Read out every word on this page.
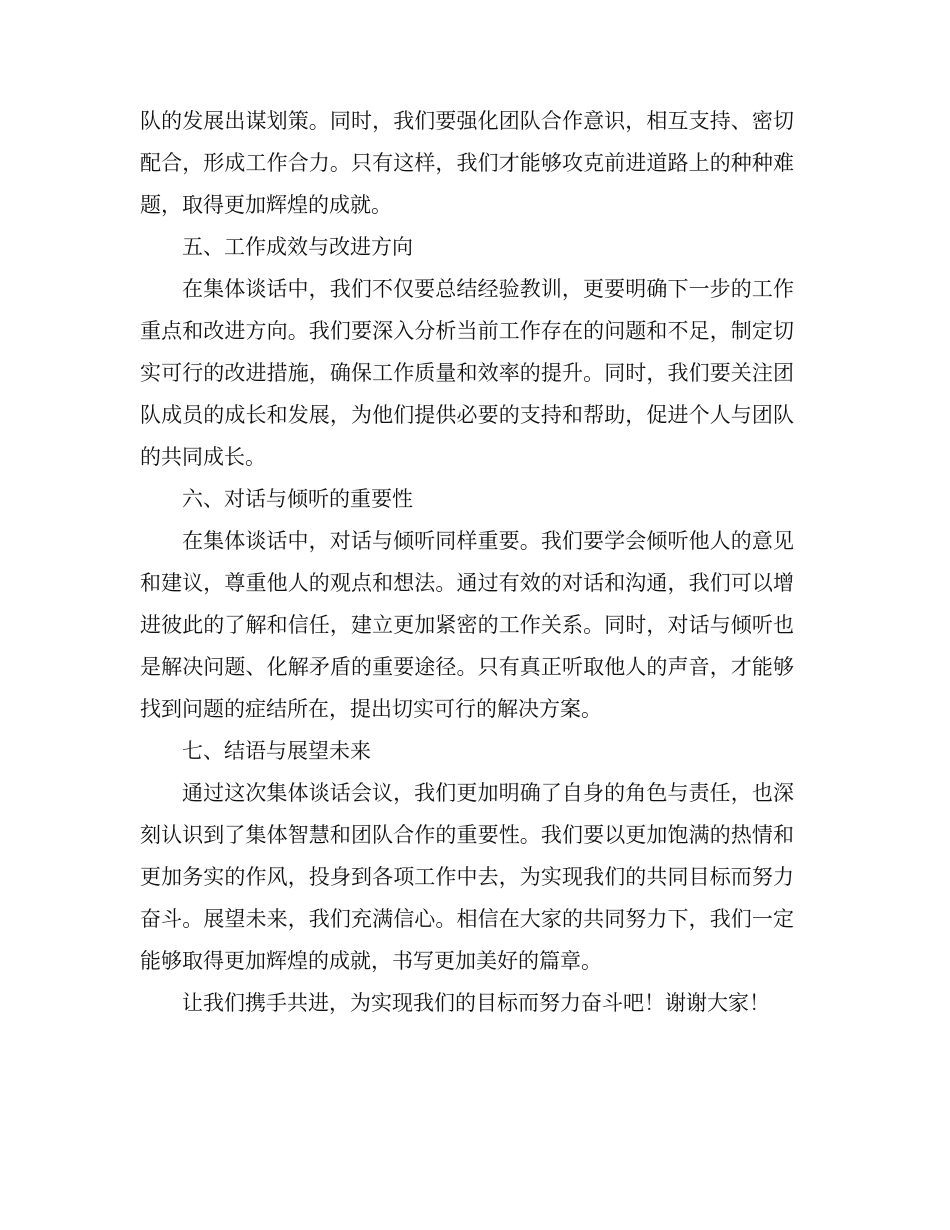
队的发展出谋划策。同时，我们要强化团队合作意识，相互支持、密切配合，形成工作合力。只有这样，我们才能够攻克前进道路上的种种难题，取得更加辉煌的成就。

五、工作成效与改进方向

在集体谈话中，我们不仅要总结经验教训，更要明确下一步的工作重点和改进方向。我们要深入分析当前工作存在的问题和不足，制定切实可行的改进措施，确保工作质量和效率的提升。同时，我们要关注团队成员的成长和发展，为他们提供必要的支持和帮助，促进个人与团队的共同成长。

六、对话与倾听的重要性

在集体谈话中，对话与倾听同样重要。我们要学会倾听他人的意见和建议，尊重他人的观点和想法。通过有效的对话和沟通，我们可以增进彼此的了解和信任，建立更加紧密的工作关系。同时，对话与倾听也是解决问题、化解矛盾的重要途径。只有真正听取他人的声音，才能够找到问题的症结所在，提出切实可行的解决方案。

七、结语与展望未来

通过这次集体谈话会议，我们更加明确了自身的角色与责任，也深刻认识到了集体智慧和团队合作的重要性。我们要以更加饱满的热情和更加务实的作风，投身到各项工作中去，为实现我们的共同目标而努力奋斗。展望未来，我们充满信心。相信在大家的共同努力下，我们一定能够取得更加辉煌的成就，书写更加美好的篇章。

让我们携手共进，为实现我们的目标而努力奋斗吧！谢谢大家！
